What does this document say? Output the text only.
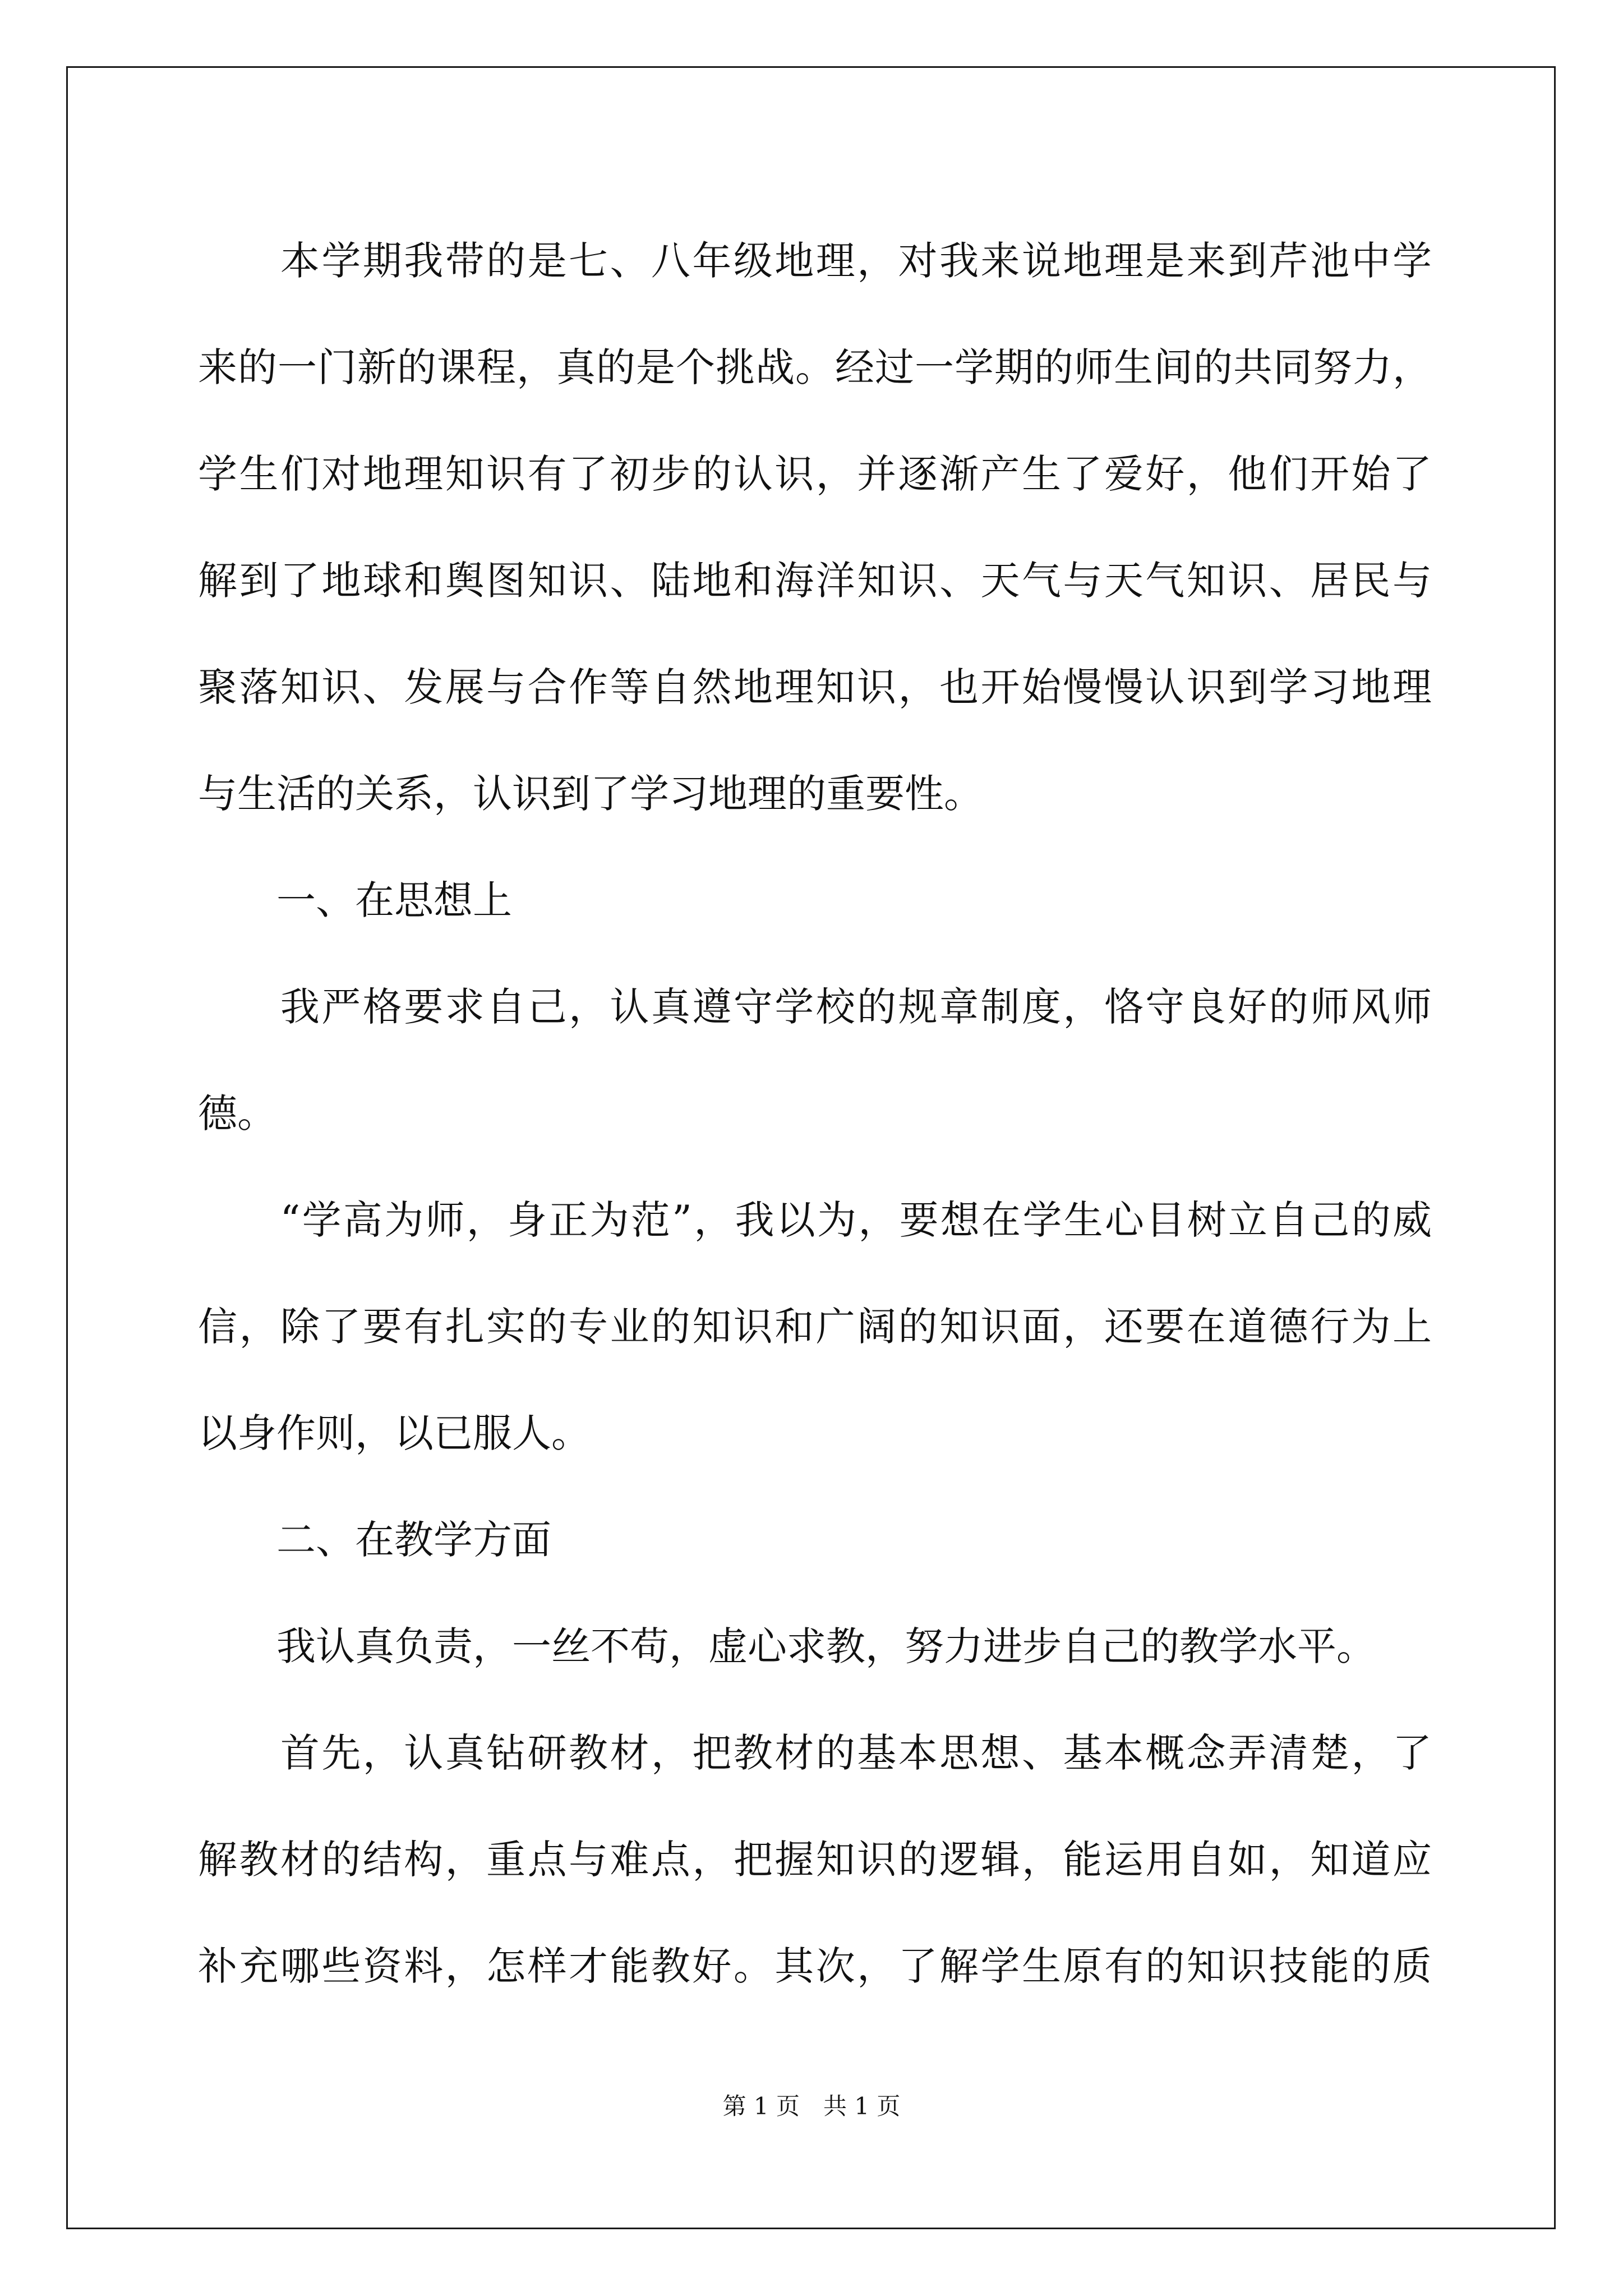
　　本学期我带的是七、八年级地理，对我来说地理是来到芹池中学
来的一门新的课程，真的是个挑战。经过一学期的师生间的共同努力，
学生们对地理知识有了初步的认识，并逐渐产生了爱好，他们开始了
解到了地球和舆图知识、陆地和海洋知识、天气与天气知识、居民与
聚落知识、发展与合作等自然地理知识，也开始慢慢认识到学习地理
与生活的关系，认识到了学习地理的重要性。
　　一、在思想上
　　我严格要求自己，认真遵守学校的规章制度，恪守良好的师风师
德。
　　“学高为师，身正为范”，我以为，要想在学生心目树立自己的威
信，除了要有扎实的专业的知识和广阔的知识面，还要在道德行为上
以身作则，以已服人。
　　二、在教学方面
　　我认真负责，一丝不苟，虚心求教，努力进步自己的教学水平。
　　首先，认真钻研教材，把教材的基本思想、基本概念弄清楚，了
解教材的结构，重点与难点，把握知识的逻辑，能运用自如，知道应
补充哪些资料，怎样才能教好。其次，了解学生原有的知识技能的质
第 1 页　共 1 页
